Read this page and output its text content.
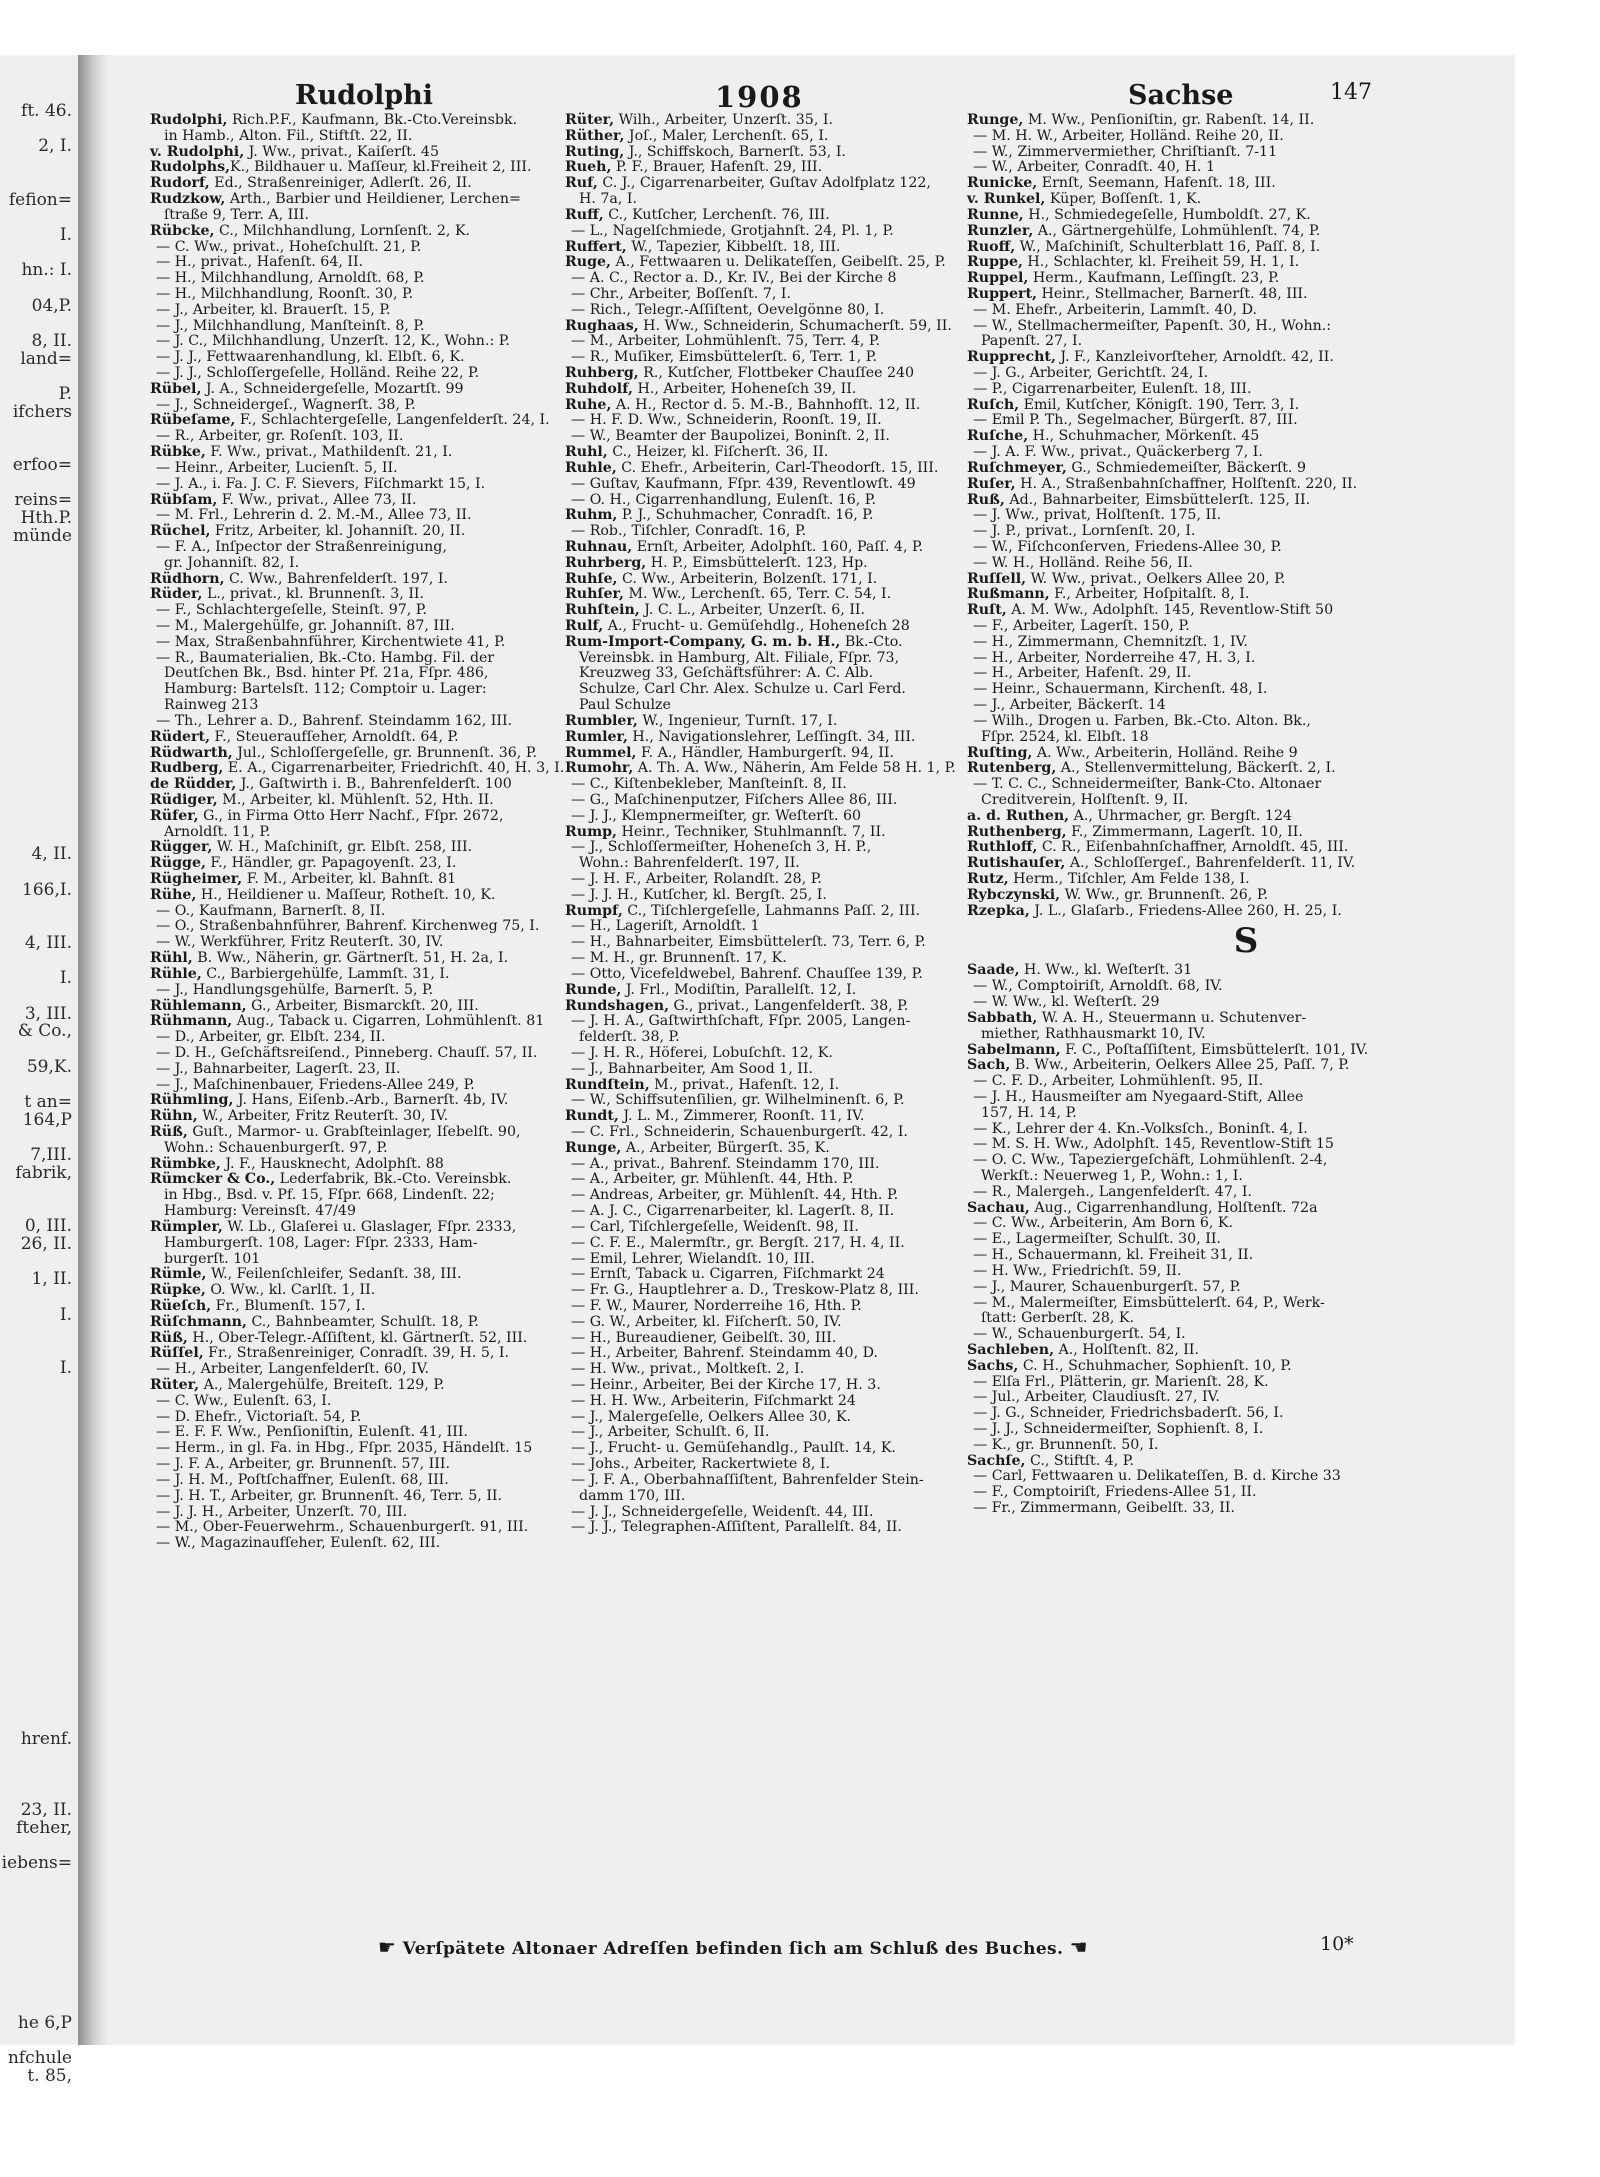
ft. 46.
2, I.
fefion=
I.
hn.: I.
04,P.
8, II.
land=
P.
ifchers
erfoo=
reins=
Hth.P.
münde
4, II.
166,I.
4, III.
I.
3, III.
& Co.,
59,K.
t an=
164,P
7,III.
fabrik,
0, III.
26, II.
1, II.
I.
I.
hrenf.
23, II.
fteher,
iebens=
he 6,P
nfchule
t. 85,
Rudolphi	1908	Sachse	147
Rudolphi, Rich.P.F., Kaufmann, Bk.-Cto.Vereinsbk.
in Hamb., Alton. Fil., Stiftſt. 22, II.
v. Rudolphi, J. Ww., privat., Kaiſerſt. 45
Rudolphs,K., Bildhauer u. Maſſeur, kl.Freiheit 2, III.
Rudorf, Ed., Straßenreiniger, Adlerſt. 26, II.
Rudzkow, Arth., Barbier und Heildiener, Lerchen=
ſtraße 9, Terr. A, III.
Rübcke, C., Milchhandlung, Lornſenſt. 2, K.
— C. Ww., privat., Hoheſchulſt. 21, P.
— H., privat., Hafenſt. 64, II.
— H., Milchhandlung, Arnoldſt. 68, P.
— H., Milchhandlung, Roonſt. 30, P.
— J., Arbeiter, kl. Brauerſt. 15, P.
— J., Milchhandlung, Manſteinſt. 8, P.
— J. C., Milchhandlung, Unzerſt. 12, K., Wohn.: P.
— J. J., Fettwaarenhandlung, kl. Elbſt. 6, K.
— J. J., Schloſſergeſelle, Holländ. Reihe 22, P.
Rübel, J. A., Schneidergeſelle, Mozartſt. 99
— J., Schneidergeſ., Wagnerſt. 38, P.
Rübeſame, F., Schlachtergeſelle, Langenfelderſt. 24, I.
— R., Arbeiter, gr. Roſenſt. 103, II.
Rübke, F. Ww., privat., Mathildenſt. 21, I.
— Heinr., Arbeiter, Lucienſt. 5, II.
— J. A., i. Fa. J. C. F. Sievers, Fiſchmarkt 15, I.
Rübſam, F. Ww., privat., Allee 73, II.
— M. Frl., Lehrerin d. 2. M.-M., Allee 73, II.
Rüchel, Fritz, Arbeiter, kl. Johanniſt. 20, II.
— F. A., Inſpector der Straßenreinigung,
gr. Johanniſt. 82, I.
Rüdhorn, C. Ww., Bahrenfelderſt. 197, I.
Rüder, L., privat., kl. Brunnenſt. 3, II.
— F., Schlachtergeſelle, Steinſt. 97, P.
— M., Malergehülfe, gr. Johanniſt. 87, III.
— Max, Straßenbahnführer, Kirchentwiete 41, P.
— R., Baumaterialien, Bk.-Cto. Hambg. Fil. der
Deutſchen Bk., Bsd. hinter Pf. 21a, Fſpr. 486,
Hamburg: Bartelsſt. 112; Comptoir u. Lager:
Rainweg 213
— Th., Lehrer a. D., Bahrenf. Steindamm 162, III.
Rüdert, F., Steueraufſeher, Arnoldſt. 64, P.
Rüdwarth, Jul., Schloſſergeſelle, gr. Brunnenſt. 36, P.
Rudberg, E. A., Cigarrenarbeiter, Friedrichſt. 40, H. 3, I.
de Rüdder, J., Gaſtwirth i. B., Bahrenfelderſt. 100
Rüdiger, M., Arbeiter, kl. Mühlenſt. 52, Hth. II.
Rüfer, G., in Firma Otto Herr Nachf., Fſpr. 2672,
Arnoldſt. 11, P.
Rügger, W. H., Maſchiniſt, gr. Elbſt. 258, III.
Rügge, F., Händler, gr. Papagoyenſt. 23, I.
Rügheimer, F. M., Arbeiter, kl. Bahnſt. 81
Rühe, H., Heildiener u. Maſſeur, Rotheſt. 10, K.
— O., Kaufmann, Barnerſt. 8, II.
— O., Straßenbahnführer, Bahrenf. Kirchenweg 75, I.
— W., Werkführer, Fritz Reuterſt. 30, IV.
Rühl, B. Ww., Näherin, gr. Gärtnerſt. 51, H. 2a, I.
Rühle, C., Barbiergehülfe, Lammſt. 31, I.
— J., Handlungsgehülfe, Barnerſt. 5, P.
Rühlemann, G., Arbeiter, Bismarckſt. 20, III.
Rühmann, Aug., Taback u. Cigarren, Lohmühlenſt. 81
— D., Arbeiter, gr. Elbſt. 234, II.
— D. H., Geſchäftsreiſend., Pinneberg. Chauſſ. 57, II.
— J., Bahnarbeiter, Lagerſt. 23, II.
— J., Maſchinenbauer, Friedens-Allee 249, P.
Rühmling, J. Hans, Eiſenb.-Arb., Barnerſt. 4b, IV.
Rühn, W., Arbeiter, Fritz Reuterſt. 30, IV.
Rüß, Guſt., Marmor- u. Grabſteinlager, Iſebelſt. 90,
Wohn.: Schauenburgerſt. 97, P.
Rümbke, J. F., Hausknecht, Adolphſt. 88
Rümcker & Co., Lederfabrik, Bk.-Cto. Vereinsbk.
in Hbg., Bsd. v. Pf. 15, Fſpr. 668, Lindenſt. 22;
Hamburg: Vereinsſt. 47/49
Rümpler, W. Lb., Glaſerei u. Glaslager, Fſpr. 2333,
Hamburgerſt. 108, Lager: Fſpr. 2333, Ham-
burgerſt. 101
Rümle, W., Feilenſchleifer, Sedanſt. 38, III.
Rüpke, O. Ww., kl. Carlſt. 1, II.
Rüeſch, Fr., Blumenſt. 157, I.
Rüſchmann, C., Bahnbeamter, Schulſt. 18, P.
Rüß, H., Ober-Telegr.-Aſſiſtent, kl. Gärtnerſt. 52, III.
Rüſſel, Fr., Straßenreiniger, Conradſt. 39, H. 5, I.
— H., Arbeiter, Langenfelderſt. 60, IV.
Rüter, A., Malergehülfe, Breiteſt. 129, P.
— C. Ww., Eulenſt. 63, I.
— D. Ehefr., Victoriaſt. 54, P.
— E. F. F. Ww., Penſioniſtin, Eulenſt. 41, III.
— Herm., in gl. Fa. in Hbg., Fſpr. 2035, Händelſt. 15
— J. F. A., Arbeiter, gr. Brunnenſt. 57, III.
— J. H. M., Poſtſchaffner, Eulenſt. 68, III.
— J. H. T., Arbeiter, gr. Brunnenſt. 46, Terr. 5, II.
— J. J. H., Arbeiter, Unzerſt. 70, III.
— M., Ober-Feuerwehrm., Schauenburgerſt. 91, III.
— W., Magazinaufſeher, Eulenſt. 62, III.
Rüter, Wilh., Arbeiter, Unzerſt. 35, I.
Rüther, Joſ., Maler, Lerchenſt. 65, I.
Ruting, J., Schiffskoch, Barnerſt. 53, I.
Rueh, P. F., Brauer, Hafenſt. 29, III.
Ruf, C. J., Cigarrenarbeiter, Guſtav Adolfplatz 122,
H. 7a, I.
Ruff, C., Kutſcher, Lerchenſt. 76, III.
— L., Nagelſchmiede, Grotjahnſt. 24, Pl. 1, P.
Ruffert, W., Tapezier, Kibbelſt. 18, III.
Ruge, A., Fettwaaren u. Delikateſſen, Geibelſt. 25, P.
— A. C., Rector a. D., Kr. IV., Bei der Kirche 8
— Chr., Arbeiter, Boſſenſt. 7, I.
— Rich., Telegr.-Aſſiſtent, Oevelgönne 80, I.
Rughaas, H. Ww., Schneiderin, Schumacherſt. 59, II.
— M., Arbeiter, Lohmühlenſt. 75, Terr. 4, P.
— R., Muſiker, Eimsbüttelerſt. 6, Terr. 1, P.
Ruhberg, R., Kutſcher, Flottbeker Chauſſee 240
Ruhdolf, H., Arbeiter, Hoheneſch 39, II.
Ruhe, A. H., Rector d. 5. M.-B., Bahnhofſt. 12, II.
— H. F. D. Ww., Schneiderin, Roonſt. 19, II.
— W., Beamter der Baupolizei, Boninſt. 2, II.
Ruhl, C., Heizer, kl. Fiſcherſt. 36, II.
Ruhle, C. Ehefr., Arbeiterin, Carl-Theodorſt. 15, III.
— Guſtav, Kaufmann, Fſpr. 439, Reventlowſt. 49
— O. H., Cigarrenhandlung, Eulenſt. 16, P.
Ruhm, P. J., Schuhmacher, Conradſt. 16, P.
— Rob., Tiſchler, Conradſt. 16, P.
Ruhnau, Ernſt, Arbeiter, Adolphſt. 160, Paſſ. 4, P.
Ruhrberg, H. P., Eimsbüttelerſt. 123, Hp.
Ruhſe, C. Ww., Arbeiterin, Bolzenſt. 171, I.
Ruhſer, M. Ww., Lerchenſt. 65, Terr. C. 54, I.
Ruhſtein, J. C. L., Arbeiter, Unzerſt. 6, II.
Rulf, A., Frucht- u. Gemüſehdlg., Hoheneſch 28
Rum-Import-Company, G. m. b. H., Bk.-Cto.
Vereinsbk. in Hamburg, Alt. Filiale, Fſpr. 73,
Kreuzweg 33, Geſchäftsführer: A. C. Alb.
Schulze, Carl Chr. Alex. Schulze u. Carl Ferd.
Paul Schulze
Rumbler, W., Ingenieur, Turnſt. 17, I.
Rumler, H., Navigationslehrer, Leſſingſt. 34, III.
Rummel, F. A., Händler, Hamburgerſt. 94, II.
Rumohr, A. Th. A. Ww., Näherin, Am Felde 58 H. 1, P.
— C., Kiſtenbekleber, Manſteinſt. 8, II.
— G., Maſchinenputzer, Fiſchers Allee 86, III.
— J. J., Klempnermeiſter, gr. Weſterſt. 60
Rump, Heinr., Techniker, Stuhlmannſt. 7, II.
— J., Schloſſermeiſter, Hoheneſch 3, H. P.,
Wohn.: Bahrenfelderſt. 197, II.
— J. H. F., Arbeiter, Rolandſt. 28, P.
— J. J. H., Kutſcher, kl. Bergſt. 25, I.
Rumpf, C., Tiſchlergeſelle, Lahmanns Paſſ. 2, III.
— H., Lageriſt, Arnoldſt. 1
— H., Bahnarbeiter, Eimsbüttelerſt. 73, Terr. 6, P.
— M. H., gr. Brunnenſt. 17, K.
— Otto, Vicefeldwebel, Bahrenf. Chauſſee 139, P.
Runde, J. Frl., Modiſtin, Parallelſt. 12, I.
Rundshagen, G., privat., Langenfelderſt. 38, P.
— J. H. A., Gaſtwirthſchaft, Fſpr. 2005, Langen-
felderſt. 38, P.
— J. H. R., Höferei, Lobuſchſt. 12, K.
— J., Bahnarbeiter, Am Sood 1, II.
Rundſtein, M., privat., Hafenſt. 12, I.
— W., Schiffsutenſilien, gr. Wilhelminenſt. 6, P.
Rundt, J. L. M., Zimmerer, Roonſt. 11, IV.
— C. Frl., Schneiderin, Schauenburgerſt. 42, I.
Runge, A., Arbeiter, Bürgerſt. 35, K.
— A., privat., Bahrenf. Steindamm 170, III.
— A., Arbeiter, gr. Mühlenſt. 44, Hth. P.
— Andreas, Arbeiter, gr. Mühlenſt. 44, Hth. P.
— A. J. C., Cigarrenarbeiter, kl. Lagerſt. 8, II.
— Carl, Tiſchlergeſelle, Weidenſt. 98, II.
— C. F. E., Malermſtr., gr. Bergſt. 217, H. 4, II.
— Emil, Lehrer, Wielandſt. 10, III.
— Ernſt, Taback u. Cigarren, Fiſchmarkt 24
— Fr. G., Hauptlehrer a. D., Treskow-Platz 8, III.
— F. W., Maurer, Norderreihe 16, Hth. P.
— G. W., Arbeiter, kl. Fiſcherſt. 50, IV.
— H., Bureaudiener, Geibelſt. 30, III.
— H., Arbeiter, Bahrenf. Steindamm 40, D.
— H. Ww., privat., Moltkeſt. 2, I.
— Heinr., Arbeiter, Bei der Kirche 17, H. 3.
— H. H. Ww., Arbeiterin, Fiſchmarkt 24
— J., Malergeſelle, Oelkers Allee 30, K.
— J., Arbeiter, Schulſt. 6, II.
— J., Frucht- u. Gemüſehandlg., Paulſt. 14, K.
— Johs., Arbeiter, Rackertwiete 8, I.
— J. F. A., Oberbahnaſſiſtent, Bahrenfelder Stein-
damm 170, III.
— J. J., Schneidergeſelle, Weidenſt. 44, III.
— J. J., Telegraphen-Aſſiſtent, Parallelſt. 84, II.
Runge, M. Ww., Penſioniſtin, gr. Rabenſt. 14, II.
— M. H. W., Arbeiter, Holländ. Reihe 20, II.
— W., Zimmervermiether, Chriſtianſt. 7-11
— W., Arbeiter, Conradſt. 40, H. 1
Runicke, Ernſt, Seemann, Hafenſt. 18, III.
v. Runkel, Küper, Boſſenſt. 1, K.
Runne, H., Schmiedegeſelle, Humboldſt. 27, K.
Runzler, A., Gärtnergehülfe, Lohmühlenſt. 74, P.
Ruoff, W., Maſchiniſt, Schulterblatt 16, Paſſ. 8, I.
Ruppe, H., Schlachter, kl. Freiheit 59, H. 1, I.
Ruppel, Herm., Kaufmann, Leſſingſt. 23, P.
Ruppert, Heinr., Stellmacher, Barnerſt. 48, III.
— M. Ehefr., Arbeiterin, Lammſt. 40, D.
— W., Stellmachermeiſter, Papenſt. 30, H., Wohn.:
Papenſt. 27, I.
Rupprecht, J. F., Kanzleivorſteher, Arnoldſt. 42, II.
— J. G., Arbeiter, Gerichtſt. 24, I.
— P., Cigarrenarbeiter, Eulenſt. 18, III.
Ruſch, Emil, Kutſcher, Königſt. 190, Terr. 3, I.
— Emil P. Th., Segelmacher, Bürgerſt. 87, III.
Ruſche, H., Schuhmacher, Mörkenſt. 45
— J. A. F. Ww., privat., Quäckerberg 7, I.
Ruſchmeyer, G., Schmiedemeiſter, Bäckerſt. 9
Ruſer, H. A., Straßenbahnſchaffner, Holſtenſt. 220, II.
Ruß, Ad., Bahnarbeiter, Eimsbüttelerſt. 125, II.
— J. Ww., privat, Holſtenſt. 175, II.
— J. P., privat., Lornſenſt. 20, I.
— W., Fiſchconſerven, Friedens-Allee 30, P.
— W. H., Holländ. Reihe 56, II.
Ruſſell, W. Ww., privat., Oelkers Allee 20, P.
Rußmann, F., Arbeiter, Hoſpitalſt. 8, I.
Ruſt, A. M. Ww., Adolphſt. 145, Reventlow-Stift 50
— F., Arbeiter, Lagerſt. 150, P.
— H., Zimmermann, Chemnitzſt. 1, IV.
— H., Arbeiter, Norderreihe 47, H. 3, I.
— H., Arbeiter, Hafenſt. 29, II.
— Heinr., Schauermann, Kirchenſt. 48, I.
— J., Arbeiter, Bäckerſt. 14
— Wilh., Drogen u. Farben, Bk.-Cto. Alton. Bk.,
Fſpr. 2524, kl. Elbſt. 18
Ruſting, A. Ww., Arbeiterin, Holländ. Reihe 9
Rutenberg, A., Stellenvermittelung, Bäckerſt. 2, I.
— T. C. C., Schneidermeiſter, Bank-Cto. Altonaer
Creditverein, Holſtenſt. 9, II.
a. d. Ruthen, A., Uhrmacher, gr. Bergſt. 124
Ruthenberg, F., Zimmermann, Lagerſt. 10, II.
Ruthloff, C. R., Eiſenbahnſchaffner, Arnoldſt. 45, III.
Rutishauſer, A., Schloſſergeſ., Bahrenfelderſt. 11, IV.
Rutz, Herm., Tiſchler, Am Felde 138, I.
Rybczynski, W. Ww., gr. Brunnenſt. 26, P.
Rzepka, J. L., Glaſarb., Friedens-Allee 260, H. 25, I.
S
Saade, H. Ww., kl. Weſterſt. 31
— W., Comptoiriſt, Arnoldſt. 68, IV.
— W. Ww., kl. Weſterſt. 29
Sabbath, W. A. H., Steuermann u. Schutenver-
miether, Rathhausmarkt 10, IV.
Sabelmann, F. C., Poſtaſſiſtent, Eimsbüttelerſt. 101, IV.
Sach, B. Ww., Arbeiterin, Oelkers Allee 25, Paſſ. 7, P.
— C. F. D., Arbeiter, Lohmühlenſt. 95, II.
— J. H., Hausmeiſter am Nyegaard-Stift, Allee
157, H. 14, P.
— K., Lehrer der 4. Kn.-Volksſch., Boninſt. 4, I.
— M. S. H. Ww., Adolphſt. 145, Reventlow-Stift 15
— O. C. Ww., Tapeziergeſchäft, Lohmühlenſt. 2-4,
Werkſt.: Neuerweg 1, P., Wohn.: 1, I.
— R., Malergeh., Langenfelderſt. 47, I.
Sachau, Aug., Cigarrenhandlung, Holſtenſt. 72a
— C. Ww., Arbeiterin, Am Born 6, K.
— E., Lagermeiſter, Schulſt. 30, II.
— H., Schauermann, kl. Freiheit 31, II.
— H. Ww., Friedrichſt. 59, II.
— J., Maurer, Schauenburgerſt. 57, P.
— M., Malermeiſter, Eimsbüttelerſt. 64, P., Werk-
ſtatt: Gerberſt. 28, K.
— W., Schauenburgerſt. 54, I.
Sachleben, A., Holſtenſt. 82, II.
Sachs, C. H., Schuhmacher, Sophienſt. 10, P.
— Elſa Frl., Plätterin, gr. Marienſt. 28, K.
— Jul., Arbeiter, Claudiusſt. 27, IV.
— J. G., Schneider, Friedrichsbaderſt. 56, I.
— J. J., Schneidermeiſter, Sophienſt. 8, I.
— K., gr. Brunnenſt. 50, I.
Sachſe, C., Stiftſt. 4, P.
— Carl, Fettwaaren u. Delikateſſen, B. d. Kirche 33
— F., Comptoiriſt, Friedens-Allee 51, II.
— Fr., Zimmermann, Geibelſt. 33, II.
☛ Verſpätete Altonaer Adreſſen befinden ſich am Schluß des Buches. ☚	10*
